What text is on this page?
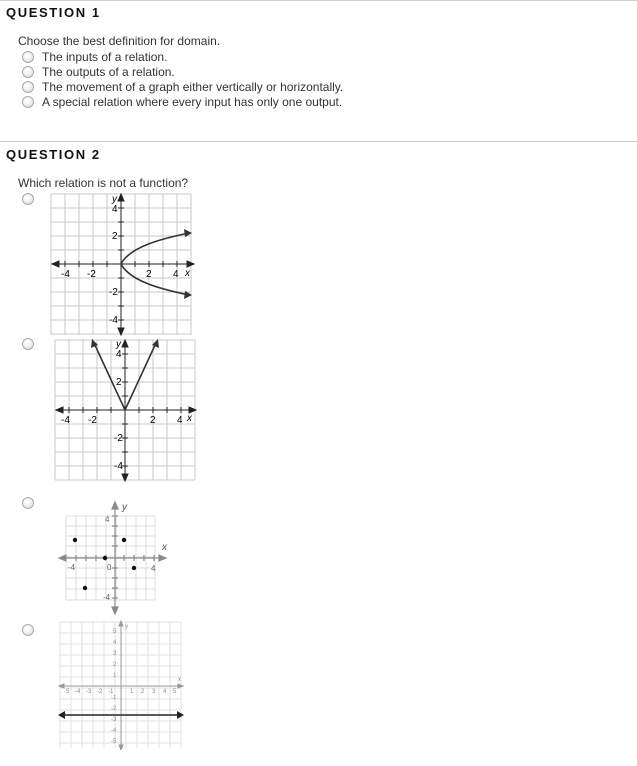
QUESTION 1
Choose the best definition for domain.
The inputs of a relation.
The outputs of a relation.
The movement of a graph either vertically or horizontally.
A special relation where every input has only one output.
QUESTION 2
Which relation is not a function?
-4 -2	2 4 x
4
2
-2
-4
y
-4 -2	2 4 x
4
2
-2
-4
y
-4	0	4
x
4
-4
y
-5 -4 -3 -2 -1	1 2 3 4 5
5
4
3
2
1
-1
-2
-3
-4
-5
x
y
